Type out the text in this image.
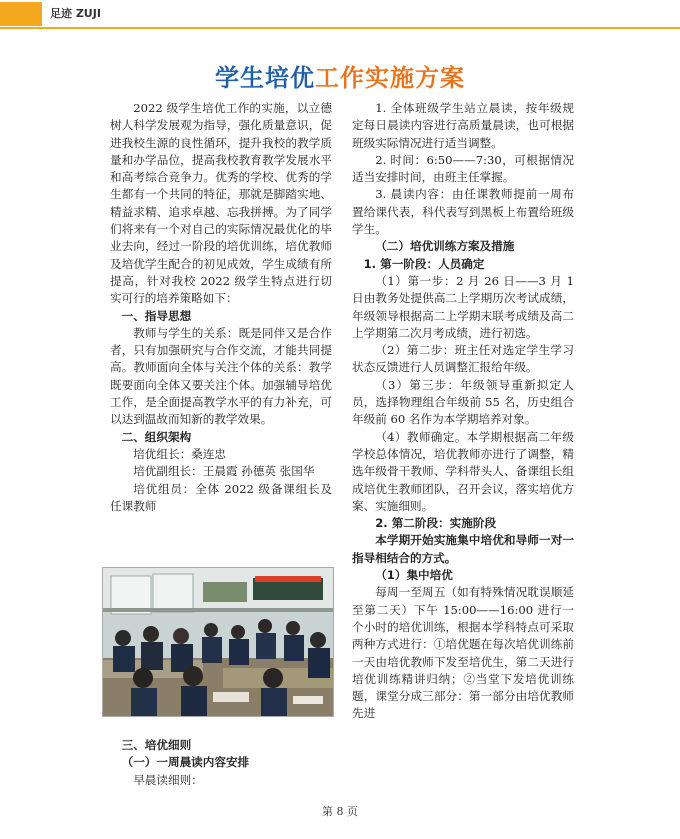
足迹 ZUJI
学生培优工作实施方案
2022 级学生培优工作的实施，以立德树人科学发展观为指导，强化质量意识，促进我校生源的良性循环，提升我校的教学质量和办学品位，提高我校教育教学发展水平和高考综合竞争力。优秀的学校、优秀的学生都有一个共同的特征，那就是脚踏实地、精益求精、追求卓越、忘我拼搏。为了同学们将来有一个对自己的实际情况最优化的毕业去向，经过一阶段的培优训练，培优教师及培优学生配合的初见成效，学生成绩有所提高，针对我校 2022 级学生特点进行切实可行的培养策略如下：
一、指导思想
教师与学生的关系：既是同伴又是合作者，只有加强研究与合作交流，才能共同提高。教师面向全体与关注个体的关系：教学既要面向全体又要关注个体。加强辅导培优工作，是全面提高教学水平的有力补充，可以达到温故而知新的教学效果。
二、组织架构
培优组长：桑连忠
培优副组长：王晨霞 孙德英 张国华
培优组员：全体 2022 级备课组长及任课教师
三、培优细则
（一）一周晨读内容安排
早晨读细则：
1. 全体班级学生站立晨读，按年级规定每日晨读内容进行高质量晨读，也可根据班级实际情况进行适当调整。
2. 时间：6:50——7:30，可根据情况适当安排时间，由班主任掌握。
3. 晨读内容：由任课教师提前一周布置给课代表，科代表写到黑板上布置给班级学生。
（二）培优训练方案及措施
1. 第一阶段：人员确定
（1）第一步：2 月 26 日——3 月 1 日由教务处提供高二上学期历次考试成绩，年级领导根据高二上学期末联考成绩及高二上学期第二次月考成绩，进行初选。
（2）第二步：班主任对选定学生学习状态反馈进行人员调整汇报给年级。
（3）第三步：年级领导重新拟定人员，选择物理组合年级前 55 名，历史组合年级前 60 名作为本学期培养对象。
（4）教师确定。本学期根据高二年级学校总体情况，培优教师亦进行了调整，精选年级骨干教师、学科带头人、备课组长组成培优生教师团队，召开会议，落实培优方案、实施细则。
2. 第二阶段：实施阶段
本学期开始实施集中培优和导师一对一指导相结合的方式。
（1）集中培优
每周一至周五（如有特殊情况耽误顺延至第二天）下午 15:00——16:00 进行一个小时的培优训练，根据本学科特点可采取两种方式进行：①培优题在每次培优训练前一天由培优教师下发至培优生，第二天进行培优训练精讲归纳；②当堂下发培优训练题，课堂分成三部分：第一部分由培优教师先进
第 8 页
